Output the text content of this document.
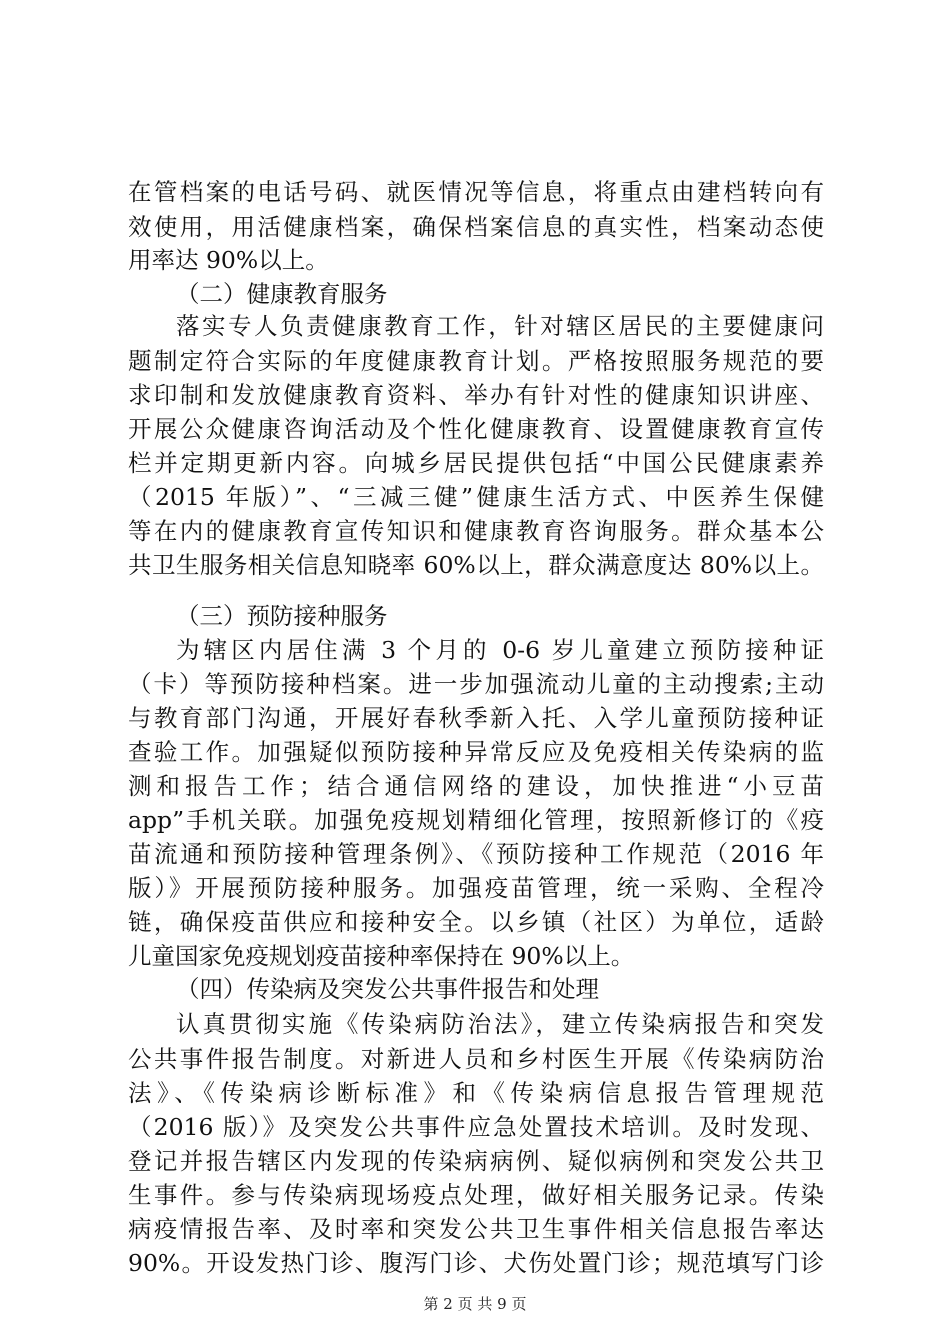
在管档案的电话号码、就医情况等信息，将重点由建档转向有
效使用，用活健康档案，确保档案信息的真实性，档案动态使
用率达 90%以上。
（二）健康教育服务
落实专人负责健康教育工作，针对辖区居民的主要健康问
题制定符合实际的年度健康教育计划。严格按照服务规范的要
求印制和发放健康教育资料、举办有针对性的健康知识讲座、
开展公众健康咨询活动及个性化健康教育、设置健康教育宣传
栏并定期更新内容。向城乡居民提供包括“中国公民健康素养
（2015 年版）”、“三减三健”健康生活方式、中医养生保健
等在内的健康教育宣传知识和健康教育咨询服务。群众基本公
共卫生服务相关信息知晓率 60%以上，群众满意度达 80%以上。
（三）预防接种服务
为辖区内居住满 3 个月的 0-6 岁儿童建立预防接种证
（卡）等预防接种档案。进一步加强流动儿童的主动搜索;主动
与教育部门沟通，开展好春秋季新入托、入学儿童预防接种证
查验工作。加强疑似预防接种异常反应及免疫相关传染病的监
测和报告工作；结合通信网络的建设，加快推进“小豆苗
app”手机关联。加强免疫规划精细化管理，按照新修订的《疫
苗流通和预防接种管理条例》、《预防接种工作规范（2016 年
版）》开展预防接种服务。加强疫苗管理，统一采购、全程冷
链，确保疫苗供应和接种安全。以乡镇（社区）为单位，适龄
儿童国家免疫规划疫苗接种率保持在 90%以上。
（四）传染病及突发公共事件报告和处理
认真贯彻实施《传染病防治法》，建立传染病报告和突发
公共事件报告制度。对新进人员和乡村医生开展《传染病防治
法》、《传染病诊断标准》和《传染病信息报告管理规范
（2016 版）》及突发公共事件应急处置技术培训。及时发现、
登记并报告辖区内发现的传染病病例、疑似病例和突发公共卫
生事件。参与传染病现场疫点处理，做好相关服务记录。传染
病疫情报告率、及时率和突发公共卫生事件相关信息报告率达
90%。开设发热门诊、腹泻门诊、犬伤处置门诊；规范填写门诊
第 2 页 共 9 页
